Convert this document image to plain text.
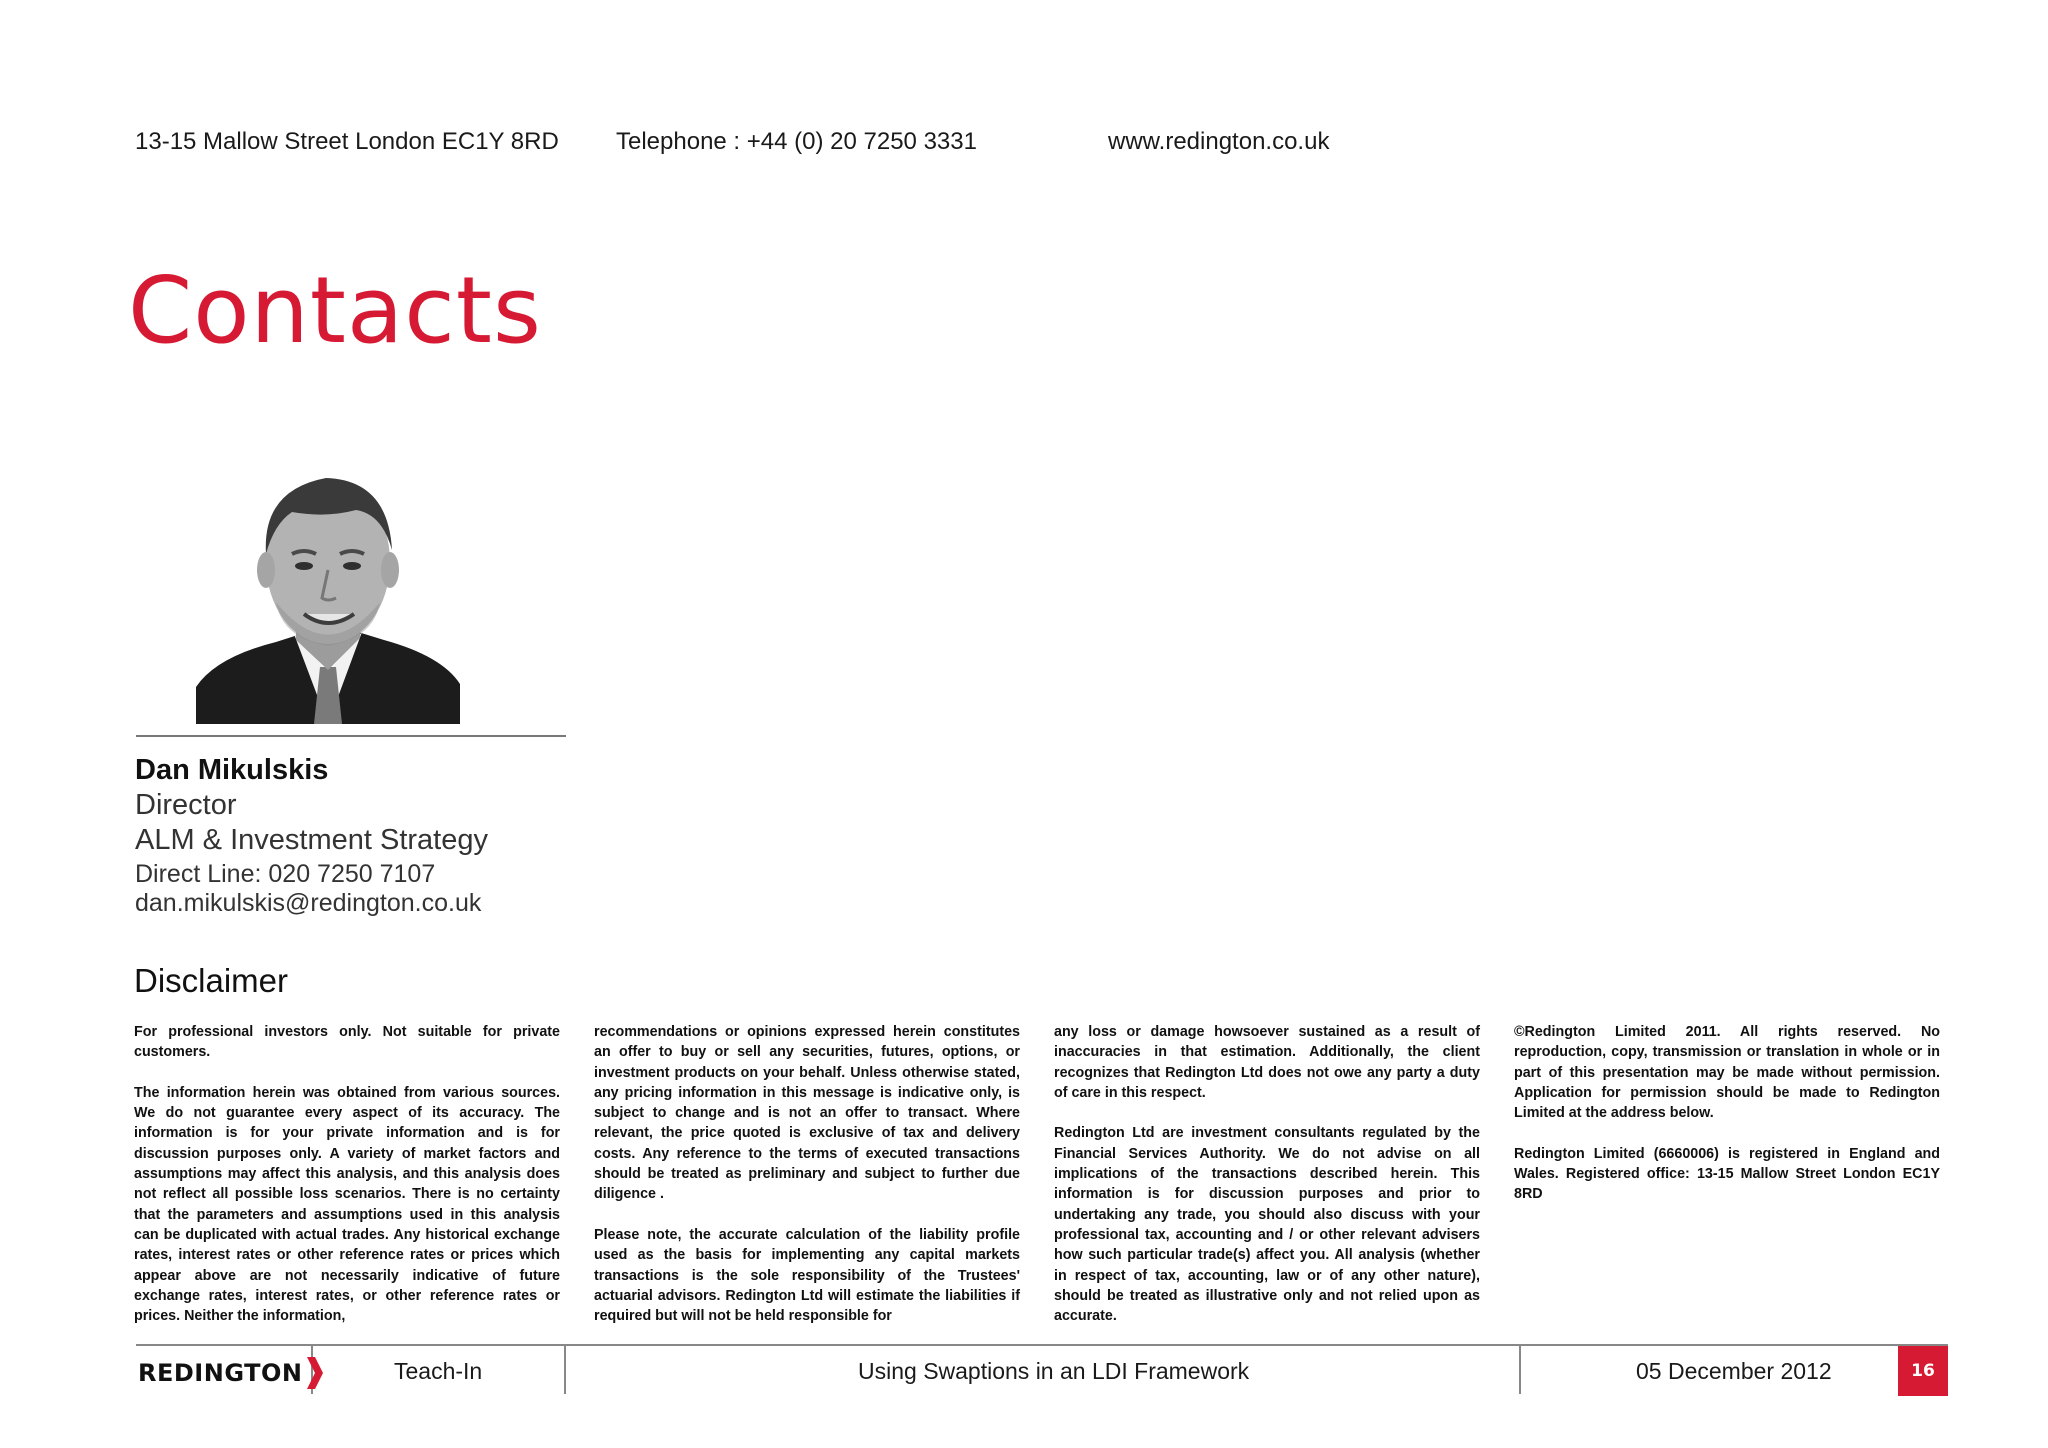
13-15 Mallow Street London EC1Y 8RD Telephone : +44 (0) 20 7250 3331	www.redington.co.uk
Contacts
Dan Mikulskis
Director
ALM & Investment Strategy
Direct Line: 020 7250 7107
dan.mikulskis@redington.co.uk
Disclaimer

For professional investors only. Not suitable for private customers.

The information herein was obtained from various sources. We do not guarantee every aspect of its accuracy. The information is for your private information and is for discussion purposes only. A variety of market factors and assumptions may affect this analysis, and this analysis does not reflect all possible loss scenarios. There is no certainty that the parameters and assumptions used in this analysis can be duplicated with actual trades. Any historical exchange rates, interest rates or other reference rates or prices which appear above are not necessarily indicative of future exchange rates, interest rates, or other reference rates or prices. Neither the information,

recommendations or opinions expressed herein constitutes an offer to buy or sell any securities, futures, options, or investment products on your behalf. Unless otherwise stated, any pricing information in this message is indicative only, is subject to change and is not an offer to transact. Where relevant, the price quoted is exclusive of tax and delivery costs. Any reference to the terms of executed transactions should be treated as preliminary and subject to further due diligence .

Please note, the accurate calculation of the liability profile used as the basis for implementing any capital markets transactions is the sole responsibility of the Trustees' actuarial advisors. Redington Ltd will estimate the liabilities if required but will not be held responsible for

any loss or damage howsoever sustained as a result of inaccuracies in that estimation. Additionally, the client recognizes that Redington Ltd does not owe any party a duty of care in this respect.

Redington Ltd are investment consultants regulated by the Financial Services Authority. We do not advise on all implications of the transactions described herein. This information is for discussion purposes and prior to undertaking any trade, you should also discuss with your professional tax, accounting and / or other relevant advisers how such particular trade(s) affect you. All analysis (whether in respect of tax, accounting, law or of any other nature), should be treated as illustrative only and not relied upon as accurate.

©Redington Limited 2011. All rights reserved. No reproduction, copy, transmission or translation in whole or in part of this presentation may be made without permission. Application for permission should be made to Redington Limited at the address below.

Redington Limited (6660006) is registered in England and Wales. Registered office: 13-15 Mallow Street London EC1Y 8RD

REDINGTON	Teach-In	Using Swaptions in an LDI Framework	05 December 2012	16
